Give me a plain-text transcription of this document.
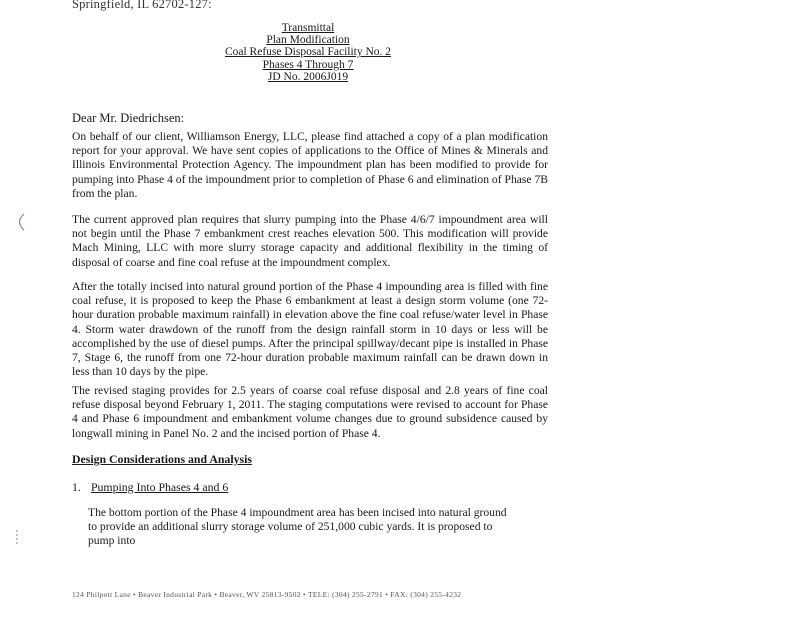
Springfield, IL 62702-127:
Transmittal
Plan Modification
Coal Refuse Disposal Facility No. 2
Phases 4 Through 7
JD No. 2006J019
Dear Mr. Diedrichsen:
On behalf of our client, Williamson Energy, LLC, please find attached a copy of a plan modification report for your approval. We have sent copies of applications to the Office of Mines & Minerals and Illinois Environmental Protection Agency. The impoundment plan has been modified to provide for pumping into Phase 4 of the impoundment prior to completion of Phase 6 and elimination of Phase 7B from the plan.
The current approved plan requires that slurry pumping into the Phase 4/6/7 impoundment area will not begin until the Phase 7 embankment crest reaches elevation 500. This modification will provide Mach Mining, LLC with more slurry storage capacity and additional flexibility in the timing of disposal of coarse and fine coal refuse at the impoundment complex.
After the totally incised into natural ground portion of the Phase 4 impounding area is filled with fine coal refuse, it is proposed to keep the Phase 6 embankment at least a design storm volume (one 72-hour duration probable maximum rainfall) in elevation above the fine coal refuse/water level in Phase 4. Storm water drawdown of the runoff from the design rainfall storm in 10 days or less will be accomplished by the use of diesel pumps. After the principal spillway/decant pipe is installed in Phase 7, Stage 6, the runoff from one 72-hour duration probable maximum rainfall can be drawn down in less than 10 days by the pipe.
The revised staging provides for 2.5 years of coarse coal refuse disposal and 2.8 years of fine coal refuse disposal beyond February 1, 2011. The staging computations were revised to account for Phase 4 and Phase 6 impoundment and embankment volume changes due to ground subsidence caused by longwall mining in Panel No. 2 and the incised portion of Phase 4.
Design Considerations and Analysis
1. Pumping Into Phases 4 and 6
The bottom portion of the Phase 4 impoundment area has been incised into natural ground to provide an additional slurry storage volume of 251,000 cubic yards. It is proposed to pump into
124 Philpott Lane • Beaver Industrial Park • Beaver, WV 25813-9502 • TELE: (304) 255-2791 • FAX: (304) 255-4232
